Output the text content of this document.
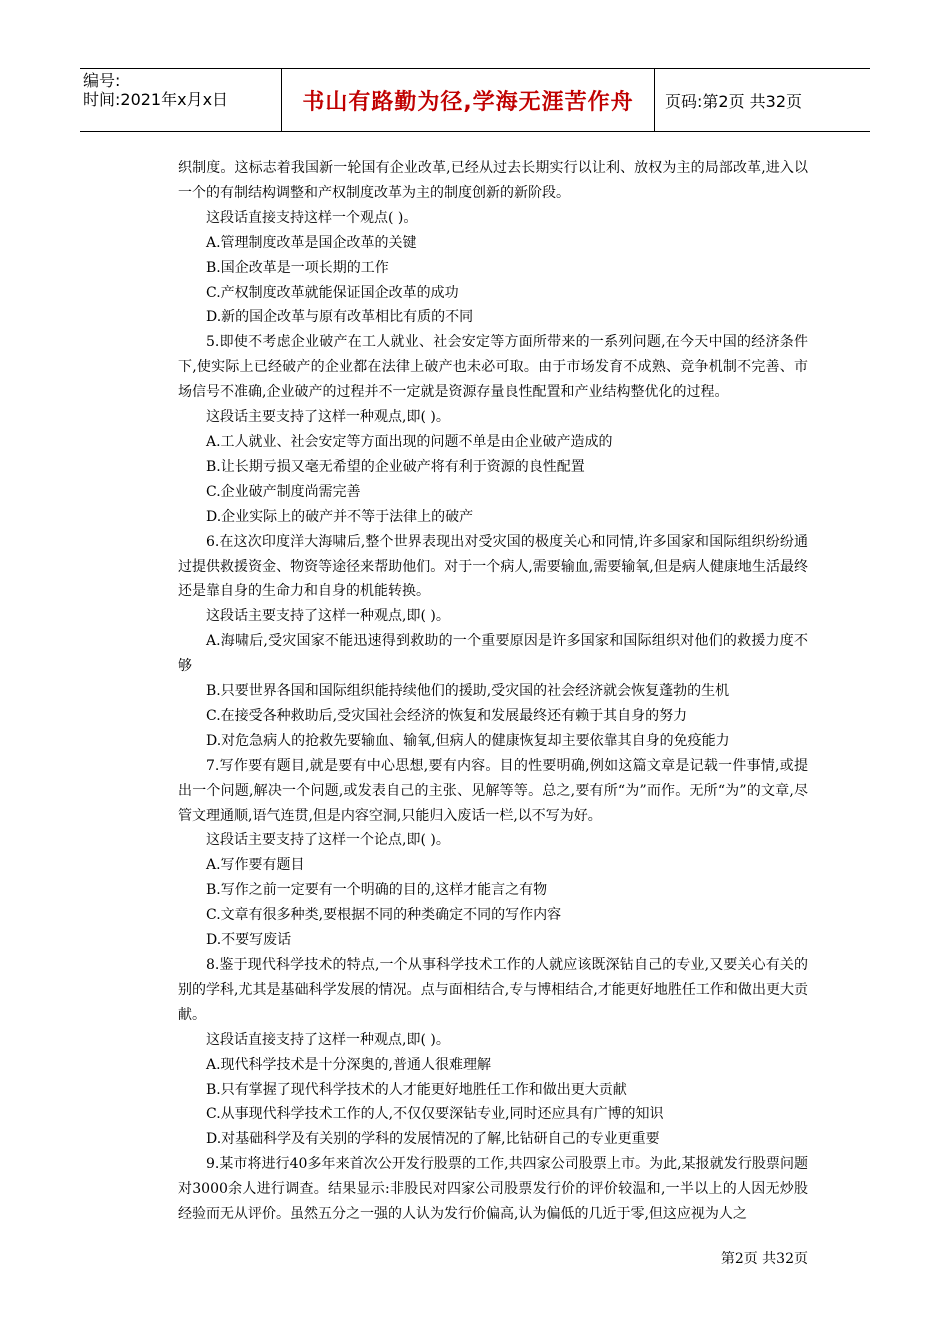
编号:
时间:2021年x月x日	书山有路勤为径,学海无涯苦作舟	页码:第2页 共32页

织制度。这标志着我国新一轮国有企业改革,已经从过去长期实行以让利、放权为主的局部改革,进入以一个的有制结构调整和产权制度改革为主的制度创新的新阶段。

这段话直接支持这样一个观点( )。

A.管理制度改革是国企改革的关键

B.国企改革是一项长期的工作

C.产权制度改革就能保证国企改革的成功

D.新的国企改革与原有改革相比有质的不同

5.即使不考虑企业破产在工人就业、社会安定等方面所带来的一系列问题,在今天中国的经济条件下,使实际上已经破产的企业都在法律上破产也未必可取。由于市场发育不成熟、竞争机制不完善、市场信号不准确,企业破产的过程并不一定就是资源存量良性配置和产业结构整优化的过程。

这段话主要支持了这样一种观点,即( )。

A.工人就业、社会安定等方面出现的问题不单是由企业破产造成的

B.让长期亏损又毫无希望的企业破产将有利于资源的良性配置

C.企业破产制度尚需完善

D.企业实际上的破产并不等于法律上的破产

6.在这次印度洋大海啸后,整个世界表现出对受灾国的极度关心和同情,许多国家和国际组织纷纷通过提供救援资金、物资等途径来帮助他们。对于一个病人,需要输血,需要输氧,但是病人健康地生活最终还是靠自身的生命力和自身的机能转换。

这段话主要支持了这样一种观点,即( )。

A.海啸后,受灾国家不能迅速得到救助的一个重要原因是许多国家和国际组织对他们的救援力度不够

B.只要世界各国和国际组织能持续他们的援助,受灾国的社会经济就会恢复蓬勃的生机

C.在接受各种救助后,受灾国社会经济的恢复和发展最终还有赖于其自身的努力

D.对危急病人的抢救先要输血、输氧,但病人的健康恢复却主要依靠其自身的免疫能力

7.写作要有题目,就是要有中心思想,要有内容。目的性要明确,例如这篇文章是记载一件事情,或提出一个问题,解决一个问题,或发表自己的主张、见解等等。总之,要有所“为”而作。无所“为”的文章,尽管文理通顺,语气连贯,但是内容空洞,只能归入废话一栏,以不写为好。

这段话主要支持了这样一个论点,即( )。

A.写作要有题目

B.写作之前一定要有一个明确的目的,这样才能言之有物

C.文章有很多种类,要根据不同的种类确定不同的写作内容

D.不要写废话

8.鉴于现代科学技术的特点,一个从事科学技术工作的人就应该既深钻自己的专业,又要关心有关的别的学科,尤其是基础科学发展的情况。点与面相结合,专与博相结合,才能更好地胜任工作和做出更大贡献。

这段话直接支持了这样一种观点,即( )。

A.现代科学技术是十分深奥的,普通人很难理解

B.只有掌握了现代科学技术的人才能更好地胜任工作和做出更大贡献

C.从事现代科学技术工作的人,不仅仅要深钻专业,同时还应具有广博的知识

D.对基础科学及有关别的学科的发展情况的了解,比钻研自己的专业更重要

9.某市将进行40多年来首次公开发行股票的工作,共四家公司股票上市。为此,某报就发行股票问题对3000余人进行调查。结果显示:非股民对四家公司股票发行价的评价较温和,一半以上的人因无炒股经验而无从评价。虽然五分之一强的人认为发行价偏高,认为偏低的几近于零,但这应视为人之

第2页 共32页
